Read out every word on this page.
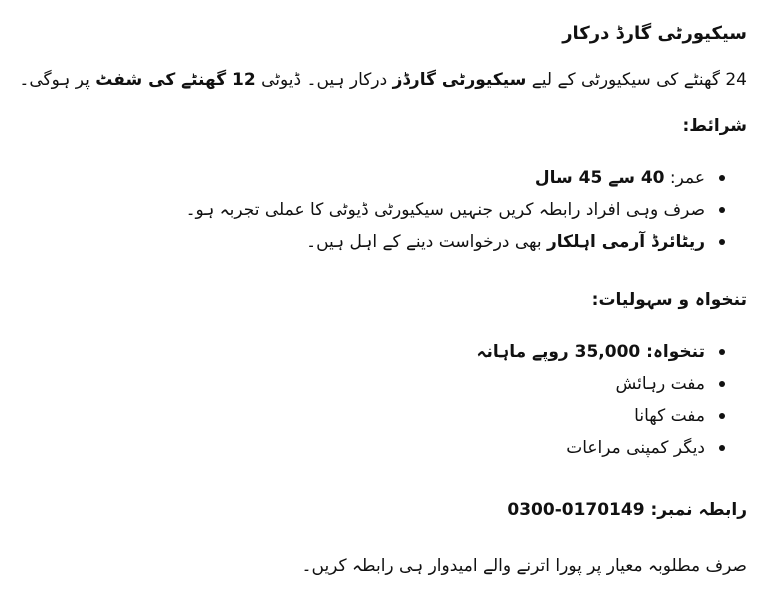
سیکیورٹی گارڈ درکار

24 گھنٹے کی سیکیورٹی کے لیے سیکیورٹی گارڈز درکار ہیں۔ ڈیوٹی 12 گھنٹے کی شفٹ پر ہوگی۔

شرائط:

عمر: 40 سے 45 سال
صرف وہی افراد رابطہ کریں جنہیں سیکیورٹی ڈیوٹی کا عملی تجربہ ہو۔
ریٹائرڈ آرمی اہلکار بھی درخواست دینے کے اہل ہیں۔

تنخواہ و سہولیات:

تنخواہ: 35,000 روپے ماہانہ
مفت رہائش
مفت کھانا
دیگر کمپنی مراعات

رابطہ نمبر: 0300-0170149

صرف مطلوبہ معیار پر پورا اترنے والے امیدوار ہی رابطہ کریں۔
